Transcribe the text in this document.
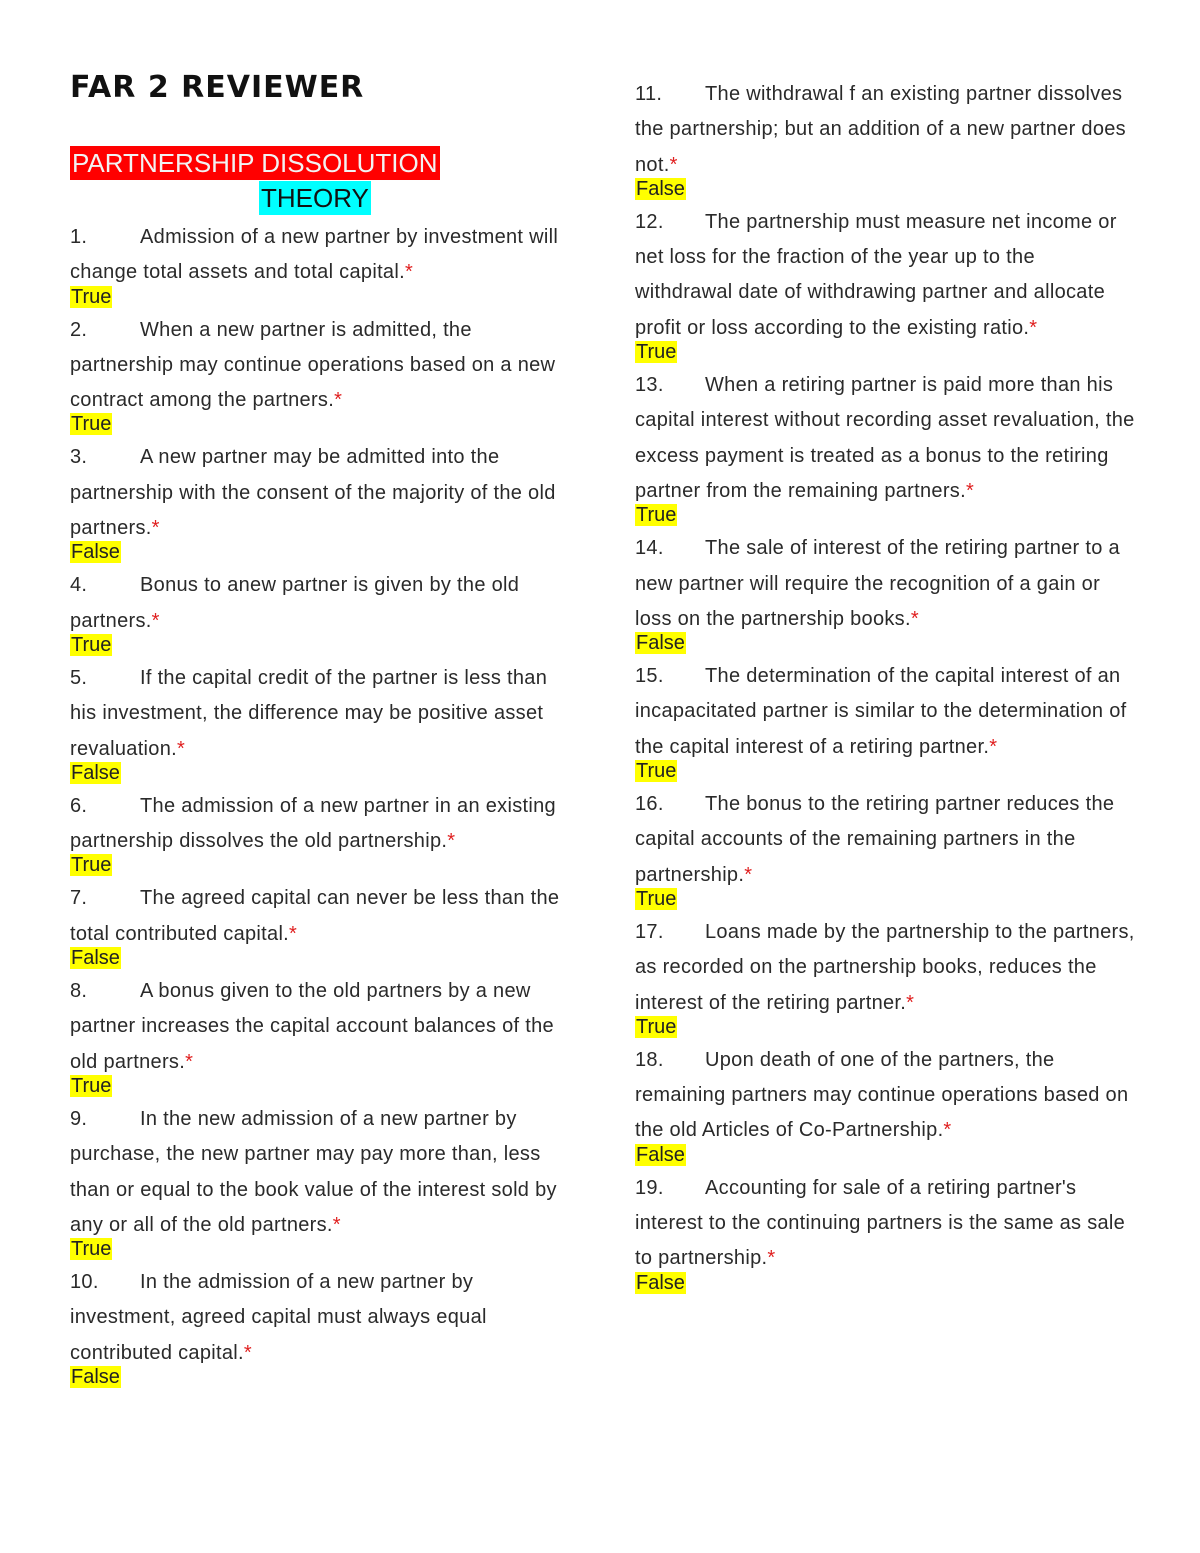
FAR 2 REVIEWER
PARTNERSHIP DISSOLUTION
THEORY

1.	Admission of a new partner by investment will change total assets and total capital.*

True

2.	When a new partner is admitted, the partnership may continue operations based on a new contract among the partners.*

True

3.	A new partner may be admitted into the partnership with the consent of the majority of the old partners.*

False

4.	Bonus to anew partner is given by the old partners.*

True

5.	If the capital credit of the partner is less than his investment, the difference may be positive asset revaluation.*

False

6.	The admission of a new partner in an existing partnership dissolves the old partnership.*

True

7.	The agreed capital can never be less than the total contributed capital.*

False

8.	A bonus given to the old partners by a new partner increases the capital account balances of the old partners.*

True

9.	In the new admission of a new partner by purchase, the new partner may pay more than, less than or equal to the book value of the interest sold by any or all of the old partners.*

True

10. In the admission of a new partner by investment, agreed capital must always equal contributed capital.*

False

11. The withdrawal f an existing partner dissolves the partnership; but an addition of a new partner does not.*

False

12. The partnership must measure net income or net loss for the fraction of the year up to the withdrawal date of withdrawing partner and allocate profit or loss according to the existing ratio.*

True

13. When a retiring partner is paid more than his capital interest without recording asset revaluation, the excess payment is treated as a bonus to the retiring partner from the remaining partners.*

True

14. The sale of interest of the retiring partner to a new partner will require the recognition of a gain or loss on the partnership books.*

False

15. The determination of the capital interest of an incapacitated partner is similar to the determination of the capital interest of a retiring partner.*

True

16. The bonus to the retiring partner reduces the capital accounts of the remaining partners in the partnership.*

True

17. Loans made by the partnership to the partners, as recorded on the partnership books, reduces the interest of the retiring partner.*

True

18. Upon death of one of the partners, the remaining partners may continue operations based on the old Articles of Co-Partnership.*

False

19. Accounting for sale of a retiring partner's interest to the continuing partners is the same as sale to partnership.*

False
